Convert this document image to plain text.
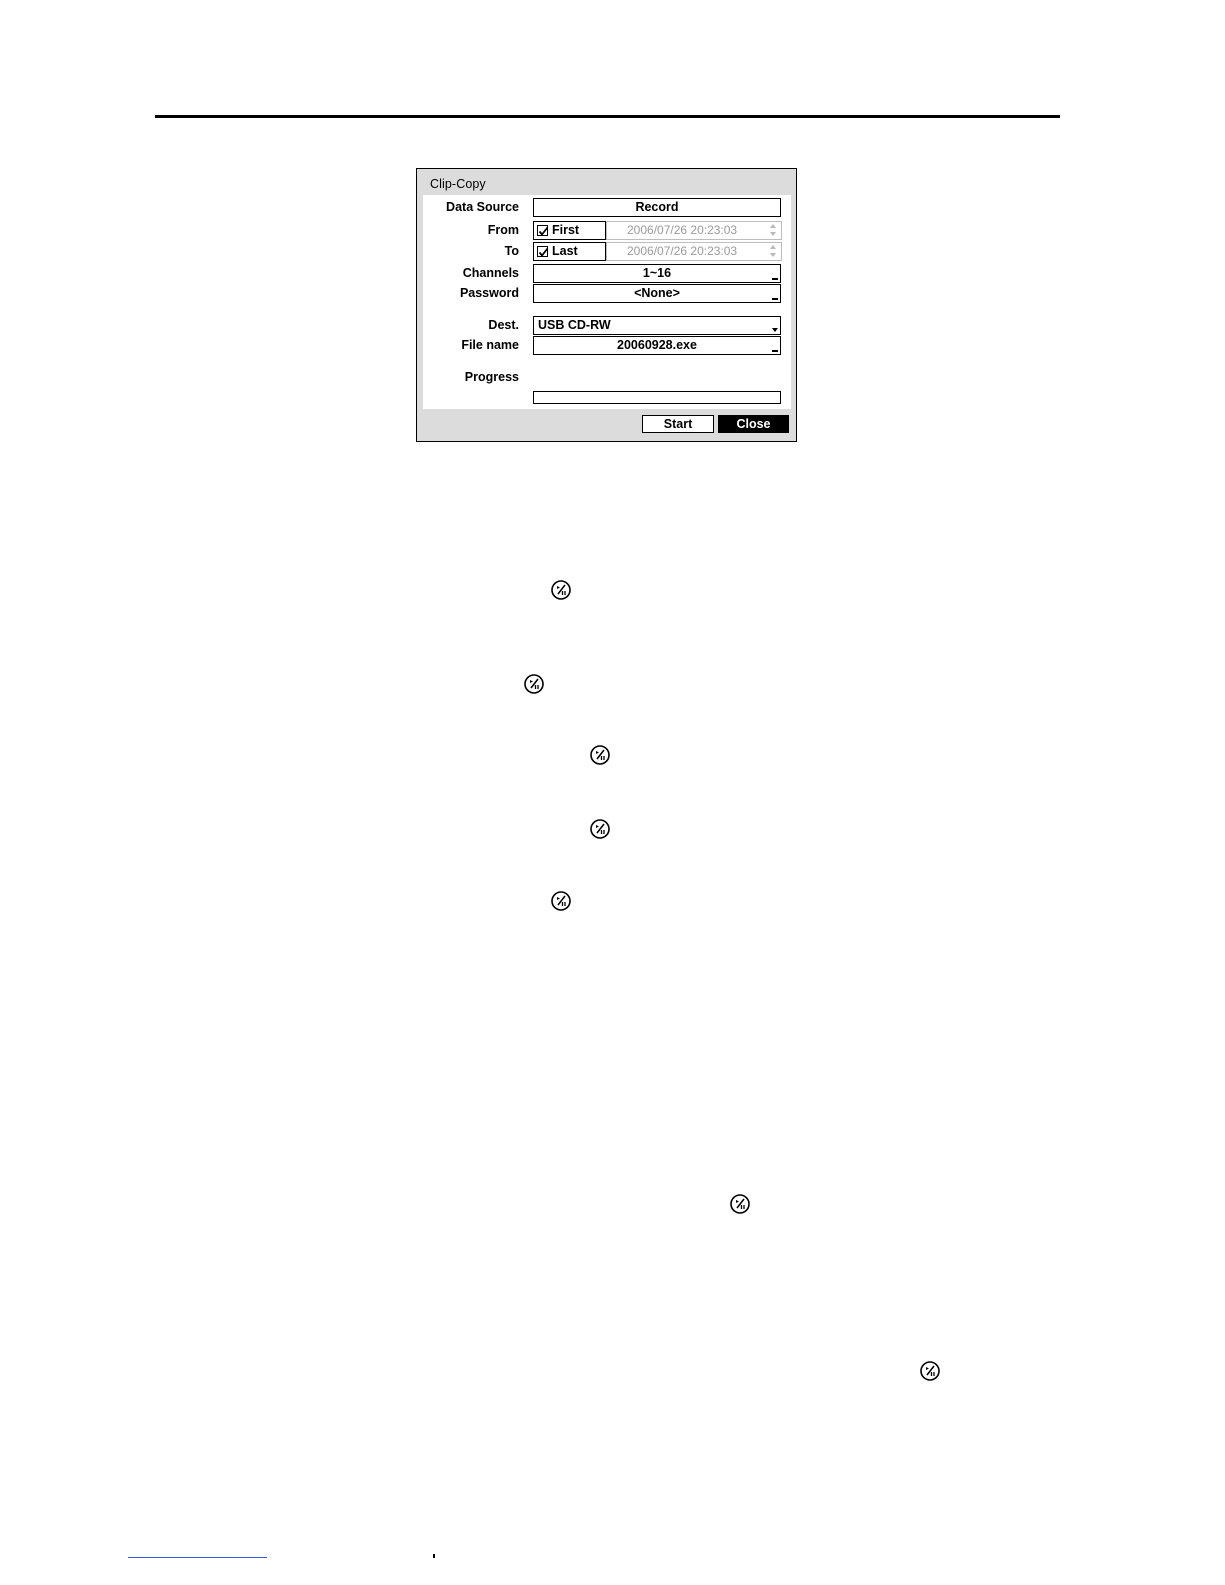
Clip-Copy
Data Source	Record
From	First	2006/07/26 20:23:03
To	Last	2006/07/26 20:23:03
Channels	1~16
Password	<None>
Dest.	USB CD-RW
File name	20060928.exe
Progress
Start	Close
